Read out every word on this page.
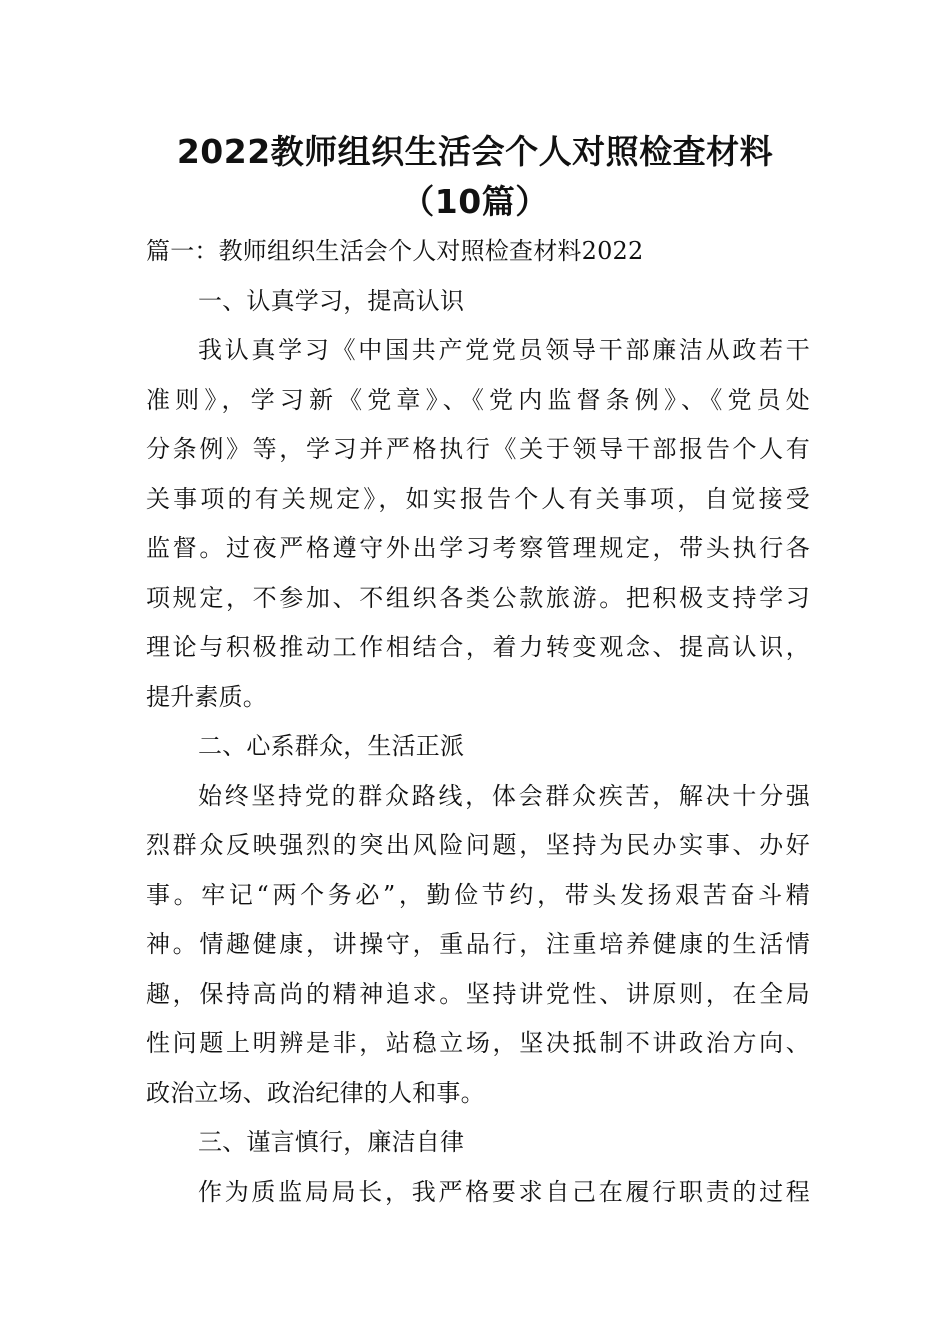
2022教师组织生活会个人对照检查材料
（10篇）
篇一：教师组织生活会个人对照检查材料2022
一、认真学习，提高认识
我认真学习《中国共产党党员领导干部廉洁从政若干
准则》，学习新《党章》、《党内监督条例》、《党员处
分条例》等，学习并严格执行《关于领导干部报告个人有
关事项的有关规定》，如实报告个人有关事项，自觉接受
监督。过夜严格遵守外出学习考察管理规定，带头执行各
项规定，不参加、不组织各类公款旅游。把积极支持学习
理论与积极推动工作相结合，着力转变观念、提高认识，
提升素质。
二、心系群众，生活正派
始终坚持党的群众路线，体会群众疾苦，解决十分强
烈群众反映强烈的突出风险问题，坚持为民办实事、办好
事。牢记“两个务必”，勤俭节约，带头发扬艰苦奋斗精
神。情趣健康，讲操守，重品行，注重培养健康的生活情
趣，保持高尚的精神追求。坚持讲党性、讲原则，在全局
性问题上明辨是非，站稳立场，坚决抵制不讲政治方向、
政治立场、政治纪律的人和事。
三、谨言慎行，廉洁自律
作为质监局局长，我严格要求自己在履行职责的过程
